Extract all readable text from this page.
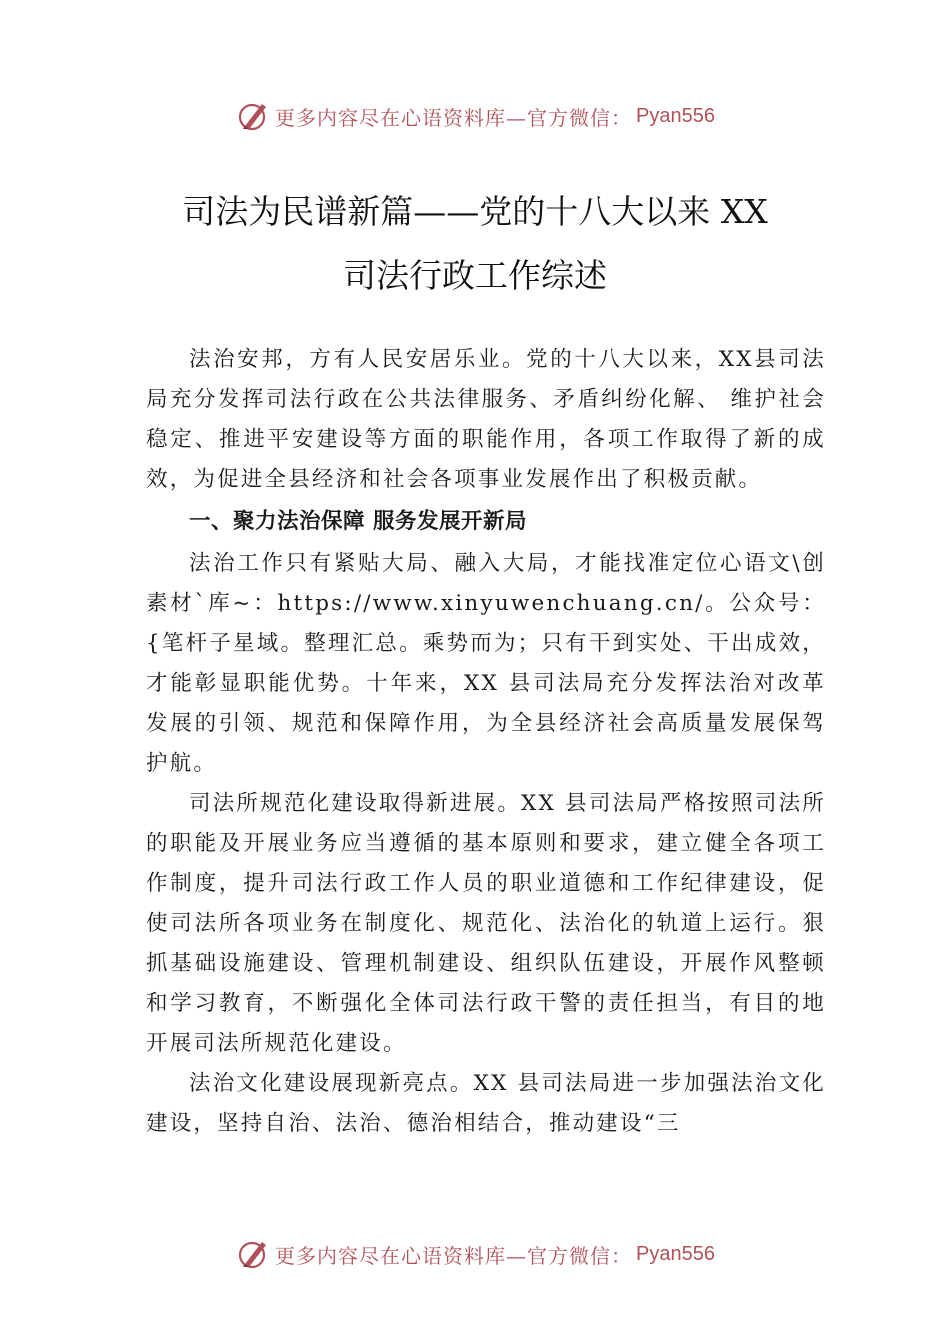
更多内容尽在心语资料库—官方微信： Pyan556
司法为民谱新篇——党的十八大以来 XX
司法行政工作综述

法治安邦，方有人民安居乐业。党的十八大以来，XX县司法局充分发挥司法行政在公共法律服务、矛盾纠纷化解、 维护社会稳定、推进平安建设等方面的职能作用，各项工作取得了新的成效，为促进全县经济和社会各项事业发展作出了积极贡献。

一、聚力法治保障 服务发展开新局

法治工作只有紧贴大局、融入大局，才能找准定位心语文\创素材`库~：https://www.xinyuwenchuang.cn/。公众号：{笔杆子星域。整理汇总。乘势而为；只有干到实处、干出成效，才能彰显职能优势。十年来，XX 县司法局充分发挥法治对改革发展的引领、规范和保障作用，为全县经济社会高质量发展保驾护航。

司法所规范化建设取得新进展。XX 县司法局严格按照司法所的职能及开展业务应当遵循的基本原则和要求，建立健全各项工作制度，提升司法行政工作人员的职业道德和工作纪律建设，促使司法所各项业务在制度化、规范化、法治化的轨道上运行。狠抓基础设施建设、管理机制建设、组织队伍建设，开展作风整顿和学习教育，不断强化全体司法行政干警的责任担当，有目的地开展司法所规范化建设。

法治文化建设展现新亮点。XX 县司法局进一步加强法治文化建设，坚持自治、法治、德治相结合，推动建设“三

更多内容尽在心语资料库—官方微信： Pyan556
